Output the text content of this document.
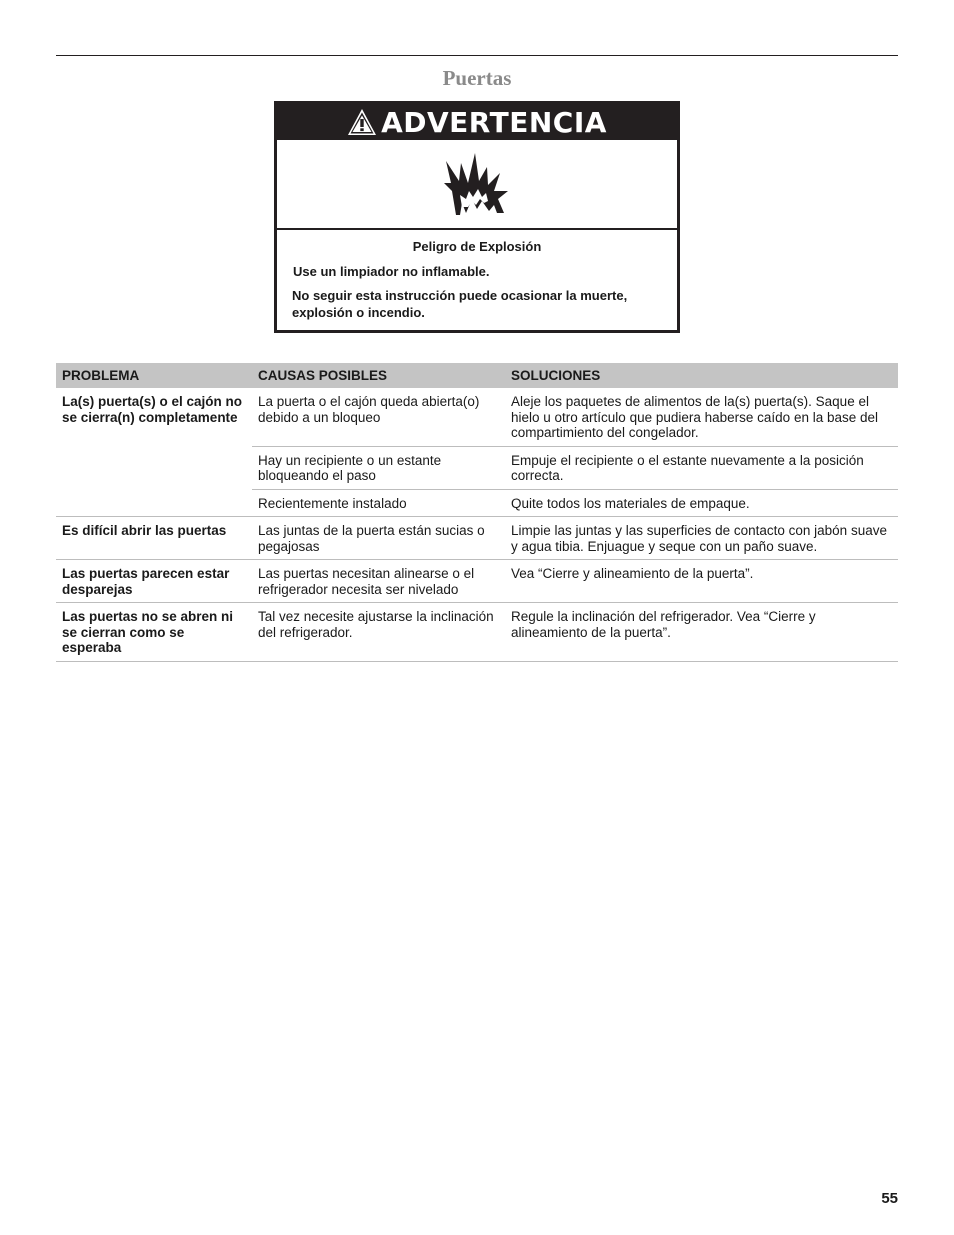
Puertas
ADVERTENCIA
Peligro de Explosión
Use un limpiador no inflamable.
No seguir esta instrucción puede ocasionar la muerte, explosión o incendio.
PROBLEMA	CAUSAS POSIBLES	SOLUCIONES
La(s) puerta(s) o el cajón no se cierra(n) completamente	La puerta o el cajón queda abierta(o) debido a un bloqueo	Aleje los paquetes de alimentos de la(s) puerta(s). Saque el hielo u otro artículo que pudiera haberse caído en la base del compartimiento del congelador.
	Hay un recipiente o un estante bloqueando el paso	Empuje el recipiente o el estante nuevamente a la posición correcta.
	Recientemente instalado	Quite todos los materiales de empaque.
Es difícil abrir las puertas	Las juntas de la puerta están sucias o pegajosas	Limpie las juntas y las superficies de contacto con jabón suave y agua tibia. Enjuague y seque con un paño suave.
Las puertas parecen estar desparejas	Las puertas necesitan alinearse o el refrigerador necesita ser nivelado	Vea “Cierre y alineamiento de la puerta”.
Las puertas no se abren ni se cierran como se esperaba	Tal vez necesite ajustarse la inclinación del refrigerador.	Regule la inclinación del refrigerador. Vea “Cierre y alineamiento de la puerta”.
55
